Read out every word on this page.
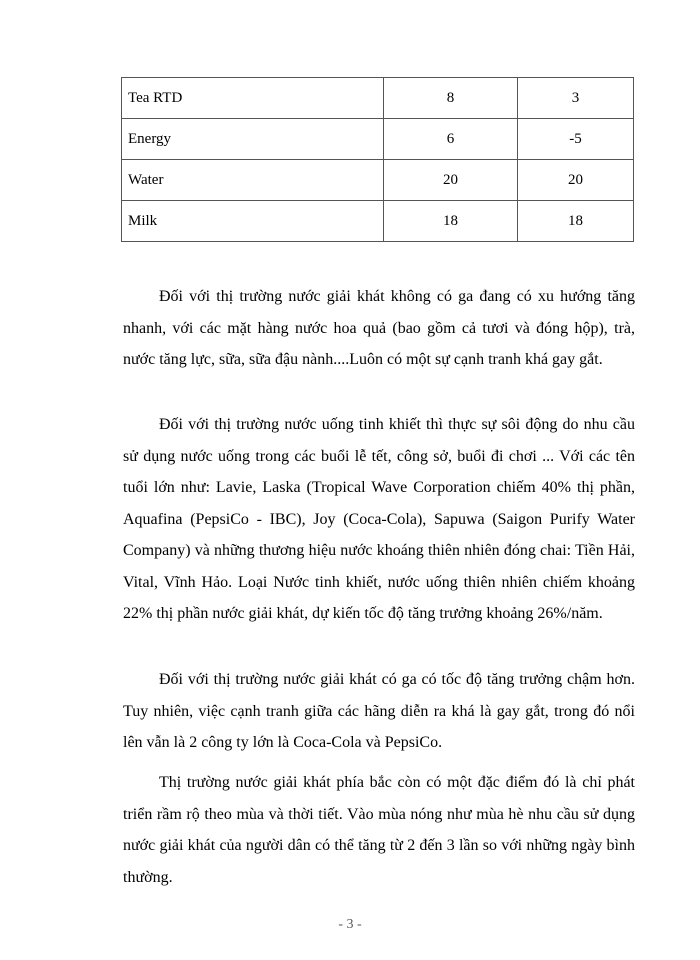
Tea RTD	8	3
Energy	6	-5
Water	20	20
Milk	18	18

Đối với thị trường nước giải khát không có ga đang có xu hướng tăng nhanh, với các mặt hàng nước hoa quả (bao gồm cả tươi và đóng hộp), trà, nước tăng lực, sữa, sữa đậu nành....Luôn có một sự cạnh tranh khá gay gắt.

Đối với thị trường nước uống tinh khiết thì thực sự sôi động do nhu cầu sử dụng nước uống trong các buổi lễ tết, công sở, buổi đi chơi ... Với các tên tuổi lớn như: Lavie, Laska (Tropical Wave Corporation chiếm 40% thị phần, Aquafina (PepsiCo - IBC), Joy (Coca-Cola), Sapuwa (Saigon Purify Water Company) và những thương hiệu nước khoáng thiên nhiên đóng chai: Tiền Hải, Vital, Vĩnh Hảo. Loại Nước tinh khiết, nước uống thiên nhiên chiếm khoảng 22% thị phần nước giải khát, dự kiến tốc độ tăng trưởng khoảng 26%/năm.

Đối với thị trường nước giải khát có ga có tốc độ tăng trưởng chậm hơn. Tuy nhiên, việc cạnh tranh giữa các hãng diễn ra khá là gay gắt, trong đó nổi lên vẫn là 2 công ty lớn là Coca-Cola và PepsiCo.

Thị trường nước giải khát phía bắc còn có một đặc điểm đó là chỉ phát triển rầm rộ theo mùa và thời tiết. Vào mùa nóng như mùa hè nhu cầu sử dụng nước giải khát của người dân có thể tăng từ 2 đến 3 lần so với những ngày bình thường.

- 3 -
